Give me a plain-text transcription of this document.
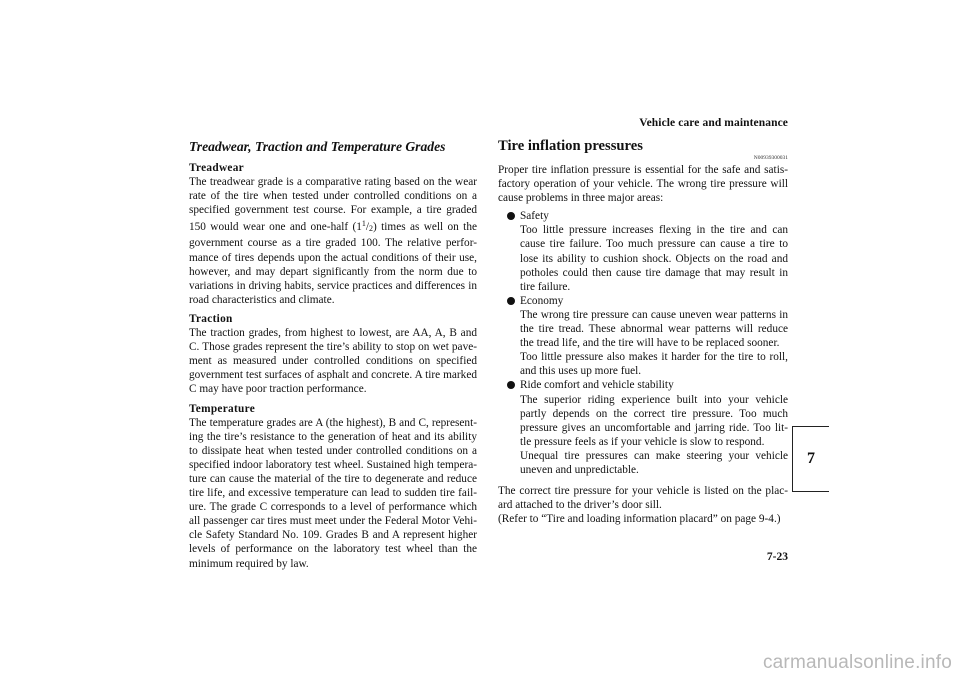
Vehicle care and maintenance
Treadwear, Traction and Temperature Grades

Treadwear

The treadwear grade is a comparative rating based on the wear rate of the tire when tested under controlled conditions on a specified government test course. For example, a tire graded 150 would wear one and one-half $(1^1/2)$ times as well on the government course as a tire graded 100. The relative perfor-mance of tires depends upon the actual conditions of their use, however, and may depart significantly from the norm due to variations in driving habits, service practices and differences in road characteristics and climate.

Traction

The traction grades, from highest to lowest, are AA, A, B and C. Those grades represent the tire’s ability to stop on wet pave-ment as measured under controlled conditions on specified government test surfaces of asphalt and concrete. A tire marked C may have poor traction performance.

Temperature

The temperature grades are A (the highest), B and C, represent-ing the tire’s resistance to the generation of heat and its ability to dissipate heat when tested under controlled conditions on a specified indoor laboratory test wheel. Sustained high tempera-ture can cause the material of the tire to degenerate and reduce tire life, and excessive temperature can lead to sudden tire fail-ure. The grade C corresponds to a level of performance which all passenger car tires must meet under the Federal Motor Vehi-cle Safety Standard No. 109. Grades B and A represent higher levels of performance on the laboratory test wheel than the minimum required by law.

Tire inflation pressures

N00939300031

Proper tire inflation pressure is essential for the safe and satis-factory operation of your vehicle. The wrong tire pressure will cause problems in three major areas:

Safety

Too little pressure increases flexing in the tire and can cause tire failure. Too much pressure can cause a tire to lose its ability to cushion shock. Objects on the road and potholes could then cause tire damage that may result in tire failure.

Economy

The wrong tire pressure can cause uneven wear patterns in the tire tread. These abnormal wear patterns will reduce the tread life, and the tire will have to be replaced sooner.

Too little pressure also makes it harder for the tire to roll, and this uses up more fuel.

Ride comfort and vehicle stability

The superior riding experience built into your vehicle partly depends on the correct tire pressure. Too much pressure gives an uncomfortable and jarring ride. Too lit-tle pressure feels as if your vehicle is slow to respond.

Unequal tire pressures can make steering your vehicle uneven and unpredictable.

The correct tire pressure for your vehicle is listed on the plac-ard attached to the driver’s door sill.

(Refer to “Tire and loading information placard” on page 9-4.)

7
7-23
carmanualsonline.info
